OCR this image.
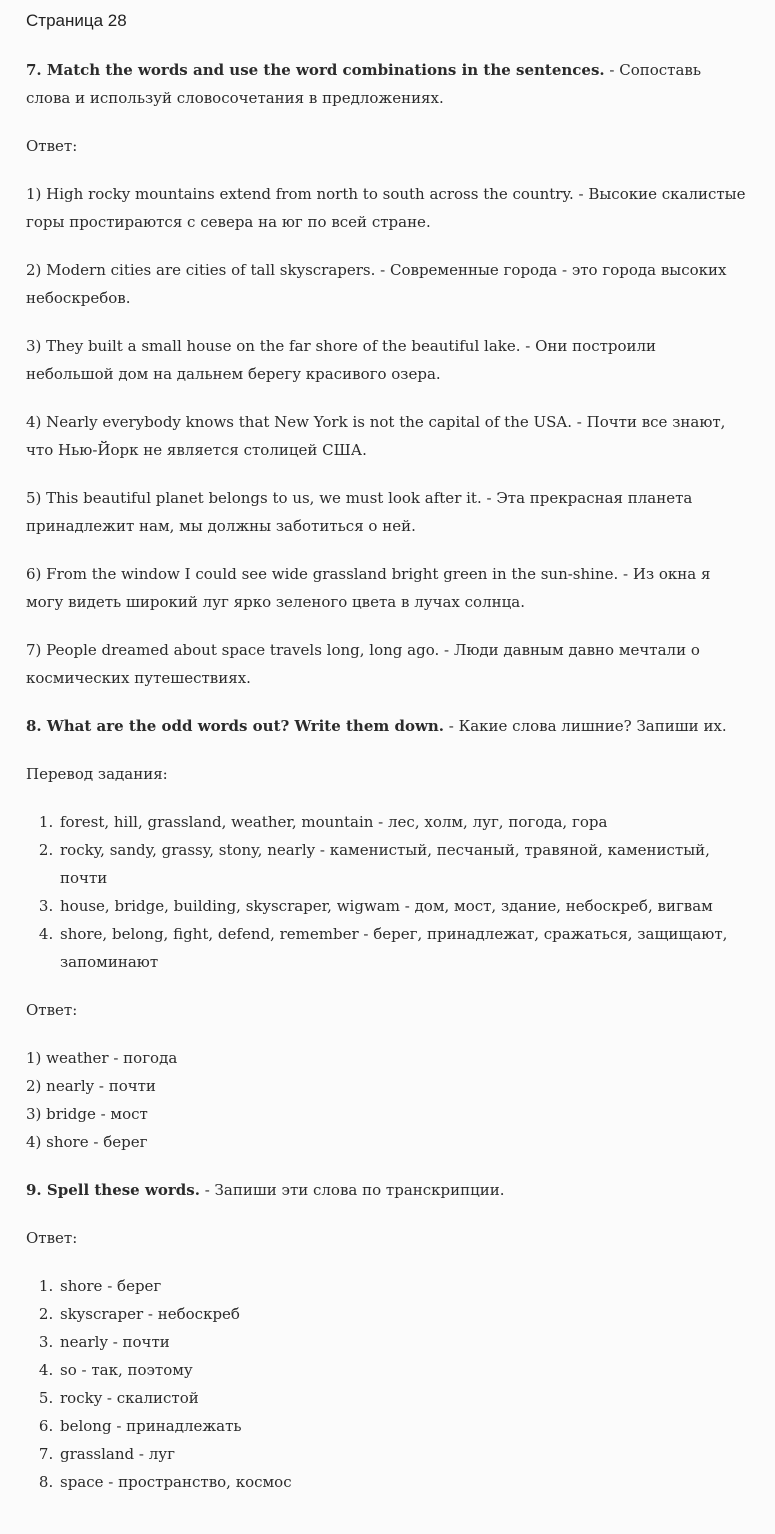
Страница 28

7. Match the words and use the word combinations in the sentences. - Сопоставь слова и используй словосочетания в предложениях.

Ответ:

1) High rocky mountains extend from north to south across the country. - Высокие скалистые горы простираются с севера на юг по всей стране.

2) Modern cities are cities of tall skyscrapers. - Современные города - это города высоких небоскребов.

3) They built a small house on the far shore of the beautiful lake. - Они построили небольшой дом на дальнем берегу красивого озера.

4) Nearly everybody knows that New York is not the capital of the USA. - Почти все знают, что Нью-Йорк не является столицей США.

5) This beautiful planet belongs to us, we must look after it. - Эта прекрасная планета принадлежит нам, мы должны заботиться о ней.

6) From the window I could see wide grassland bright green in the sun-shine. - Из окна я могу видеть широкий луг ярко зеленого цвета в лучах солнца.

7) People dreamed about space travels long, long ago. - Люди давным давно мечтали о космических путешествиях.

8. What are the odd words out? Write them down. - Какие слова лишние? Запиши их.

Перевод задания:
1. forest, hill, grassland, weather, mountain - лес, холм, луг, погода, гора
2. rocky, sandy, grassy, stony, nearly - каменистый, песчаный, травяной, каменистый, почти
3. house, bridge, building, skyscraper, wigwam - дом, мост, здание, небоскреб, вигвам
4. shore, belong, fight, defend, remember - берег, принадлежат, сражаться, защищают, запоминают
Ответ:

1) weather - погода

2) nearly - почти

3) bridge - мост

4) shore - берег

9. Spell these words. - Запиши эти слова по транскрипции.

Ответ:
1. shore - берег
2. skyscraper - небоскреб
3. nearly - почти
4. so - так, поэтому
5. rocky - скалистой
6. belong - принадлежать
7. grassland - луг
8. space - пространство, космос
